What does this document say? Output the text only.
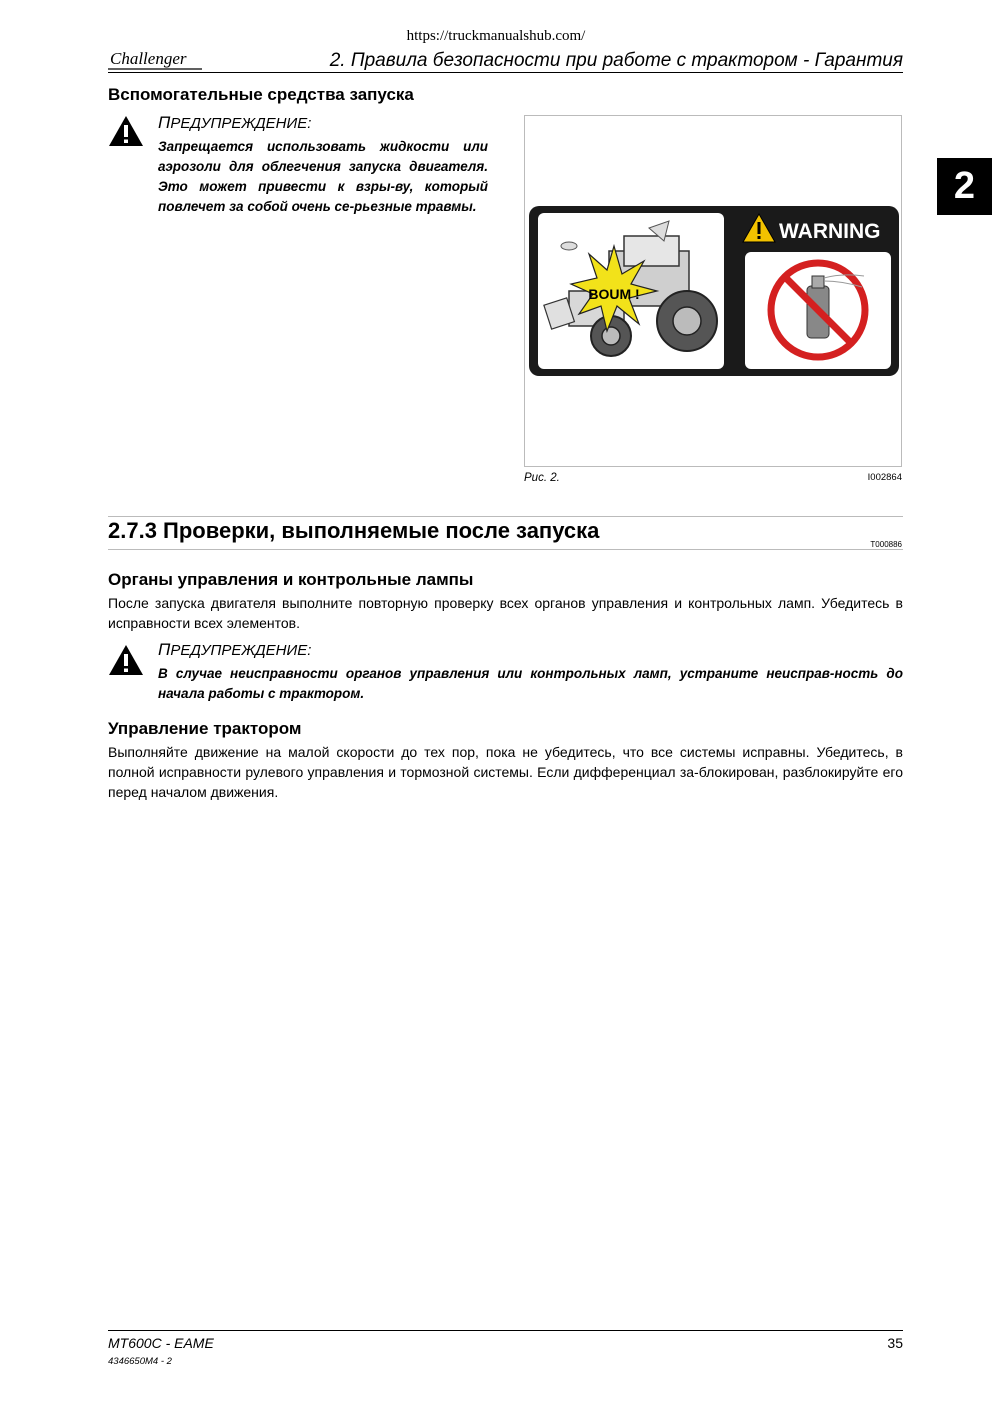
https://truckmanualshub.com/
Challenger	2. Правила безопасности при работе с трактором - Гарантия
2
Вспомогательные средства запуска
ПРЕДУПРЕЖДЕНИЕ:
Запрещается использовать жидкости или аэрозоли для облегчения запуска двигателя. Это может привести к взры-ву, который повлечет за собой очень се-рьезные травмы.
BOUM !
WARNING
Рис. 2.	I002864
2.7.3 Проверки, выполняемые после запуска
T000886
Органы управления и контрольные лампы
После запуска двигателя выполните повторную проверку всех органов управления и контрольных ламп. Убедитесь в исправности всех элементов.
ПРЕДУПРЕЖДЕНИЕ:
В случае неисправности органов управления или контрольных ламп, устраните неисправ-ность до начала работы с трактором.
Управление трактором
Выполняйте движение на малой скорости до тех пор, пока не убедитесь, что все системы исправны. Убедитесь, в полной исправности рулевого управления и тормозной системы. Если дифференциал за-блокирован, разблокируйте его перед началом движения.
MT600C - EAME	35
4346650M4 - 2
